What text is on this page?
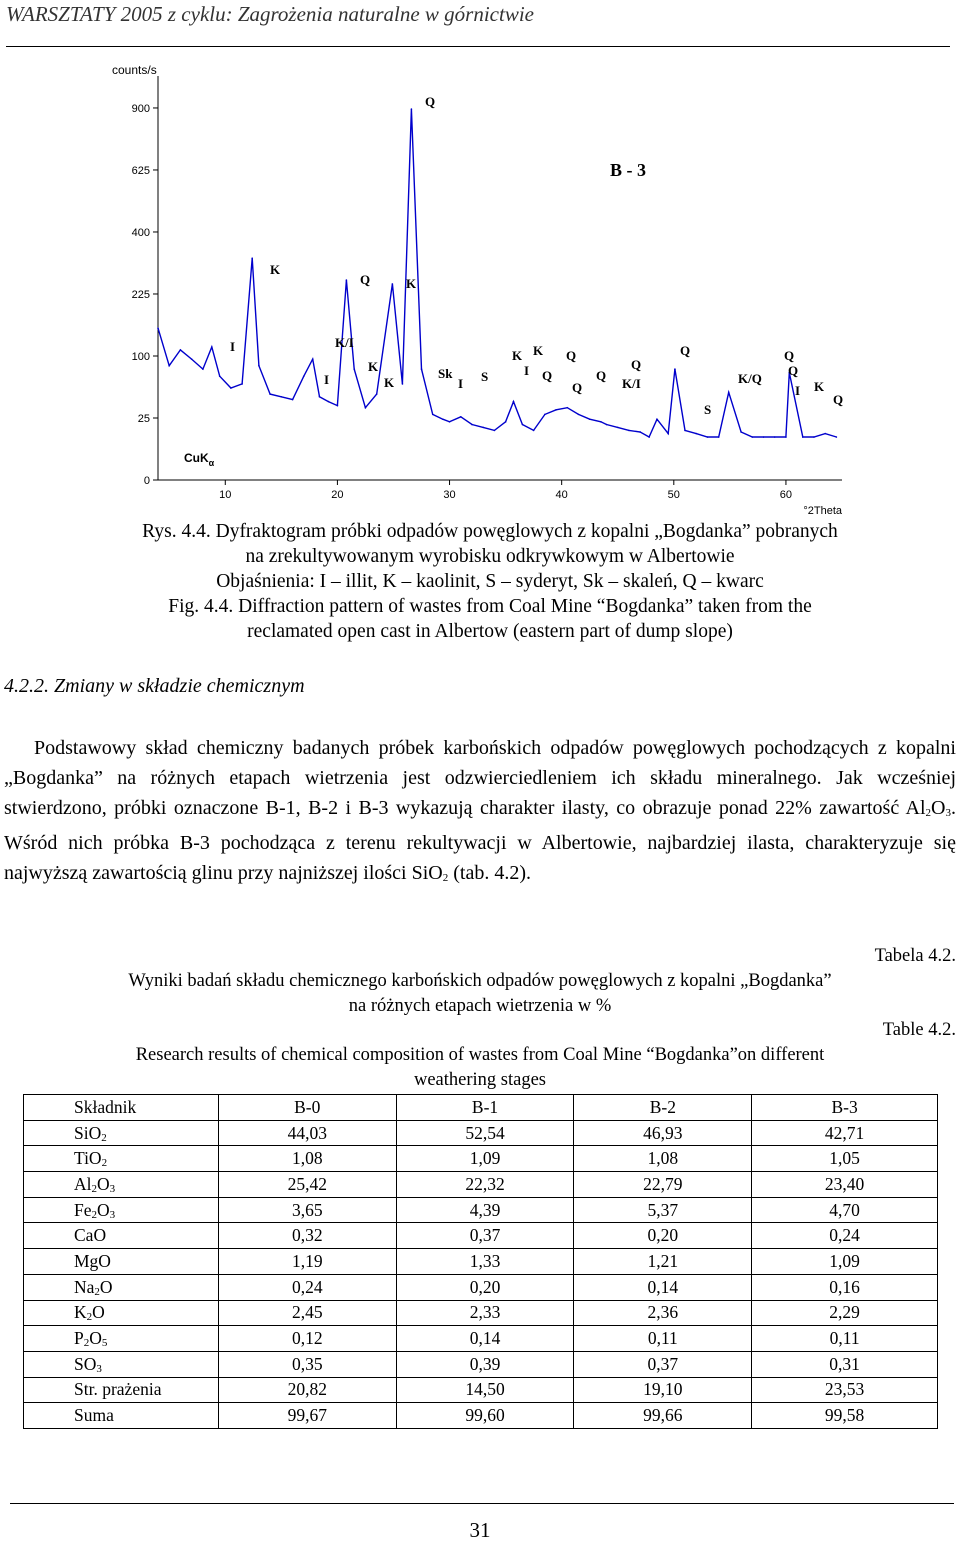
WARSZTATY 2005 z cyklu: Zagrożenia naturalne w górnictwie
counts/s
°2Theta
0
25
100
225
400
625
900
10	20	30	40	50	60
CuK$_\alpha$
B - 3
Q
K
Q	K
I	K/I
I
K
K
Sk
I S
K
I
K Q
Q
Q
Q
K/I
Q
Q	Q
S
K/Q
Q
I K
Q
Rys. 4.4. Dyfraktogram próbki odpadów powęglowych z kopalni „Bogdanka” pobranych
na zrekultywowanym wyrobisku odkrywkowym w Albertowie
Objaśnienia: I – illit, K – kaolinit, S – syderyt, Sk – skaleń, Q – kwarc
Fig. 4.4. Diffraction pattern of wastes from Coal Mine “Bogdanka” taken from the
reclamated open cast in Albertow (eastern part of dump slope)
4.2.2. Zmiany w składzie chemicznym
Podstawowy skład chemiczny badanych próbek karbońskich odpadów powęglowych pochodzących z kopalni „Bogdanka” na różnych etapach wietrzenia jest odzwierciedleniem ich składu mineralnego. Jak wcześniej stwierdzono, próbki oznaczone B-1, B-2 i B-3 wykazują charakter ilasty, co obrazuje ponad 22% zawartość $Al_2O_3$. Wśród nich próbka B-3 pochodząca z terenu rekultywacji w Albertowie, najbardziej ilasta, charakteryzuje się najwyższą zawartością glinu przy najniższej ilości SiO$_2$ (tab. 4.2).
Tabela 4.2.
Wyniki badań składu chemicznego karbońskich odpadów powęglowych z kopalni „Bogdanka”
na różnych etapach wietrzenia w %
Table 4.2.
Research results of chemical composition of wastes from Coal Mine “Bogdanka”on different
weathering stages
Składnik	B-0	B-1	B-2	B-3
SiO$_2$	44,03	52,54	46,93	42,71
TiO$_2$	1,08	1,09	1,08	1,05
$Al_2O_3$	25,42	22,32	22,79	23,40
$Fe_2O_3$	3,65	4,39	5,37	4,70
CaO	0,32	0,37	0,20	0,24
MgO	1,19	1,33	1,21	1,09
$Na_2O$	0,24	0,20	0,14	0,16
$K_2O$	2,45	2,33	2,36	2,29
$P_2O_5$	0,12	0,14	0,11	0,11
$SO_3$	0,35	0,39	0,37	0,31
Str. prażenia	20,82	14,50	19,10	23,53
Suma	99,67	99,60	99,66	99,58
31
